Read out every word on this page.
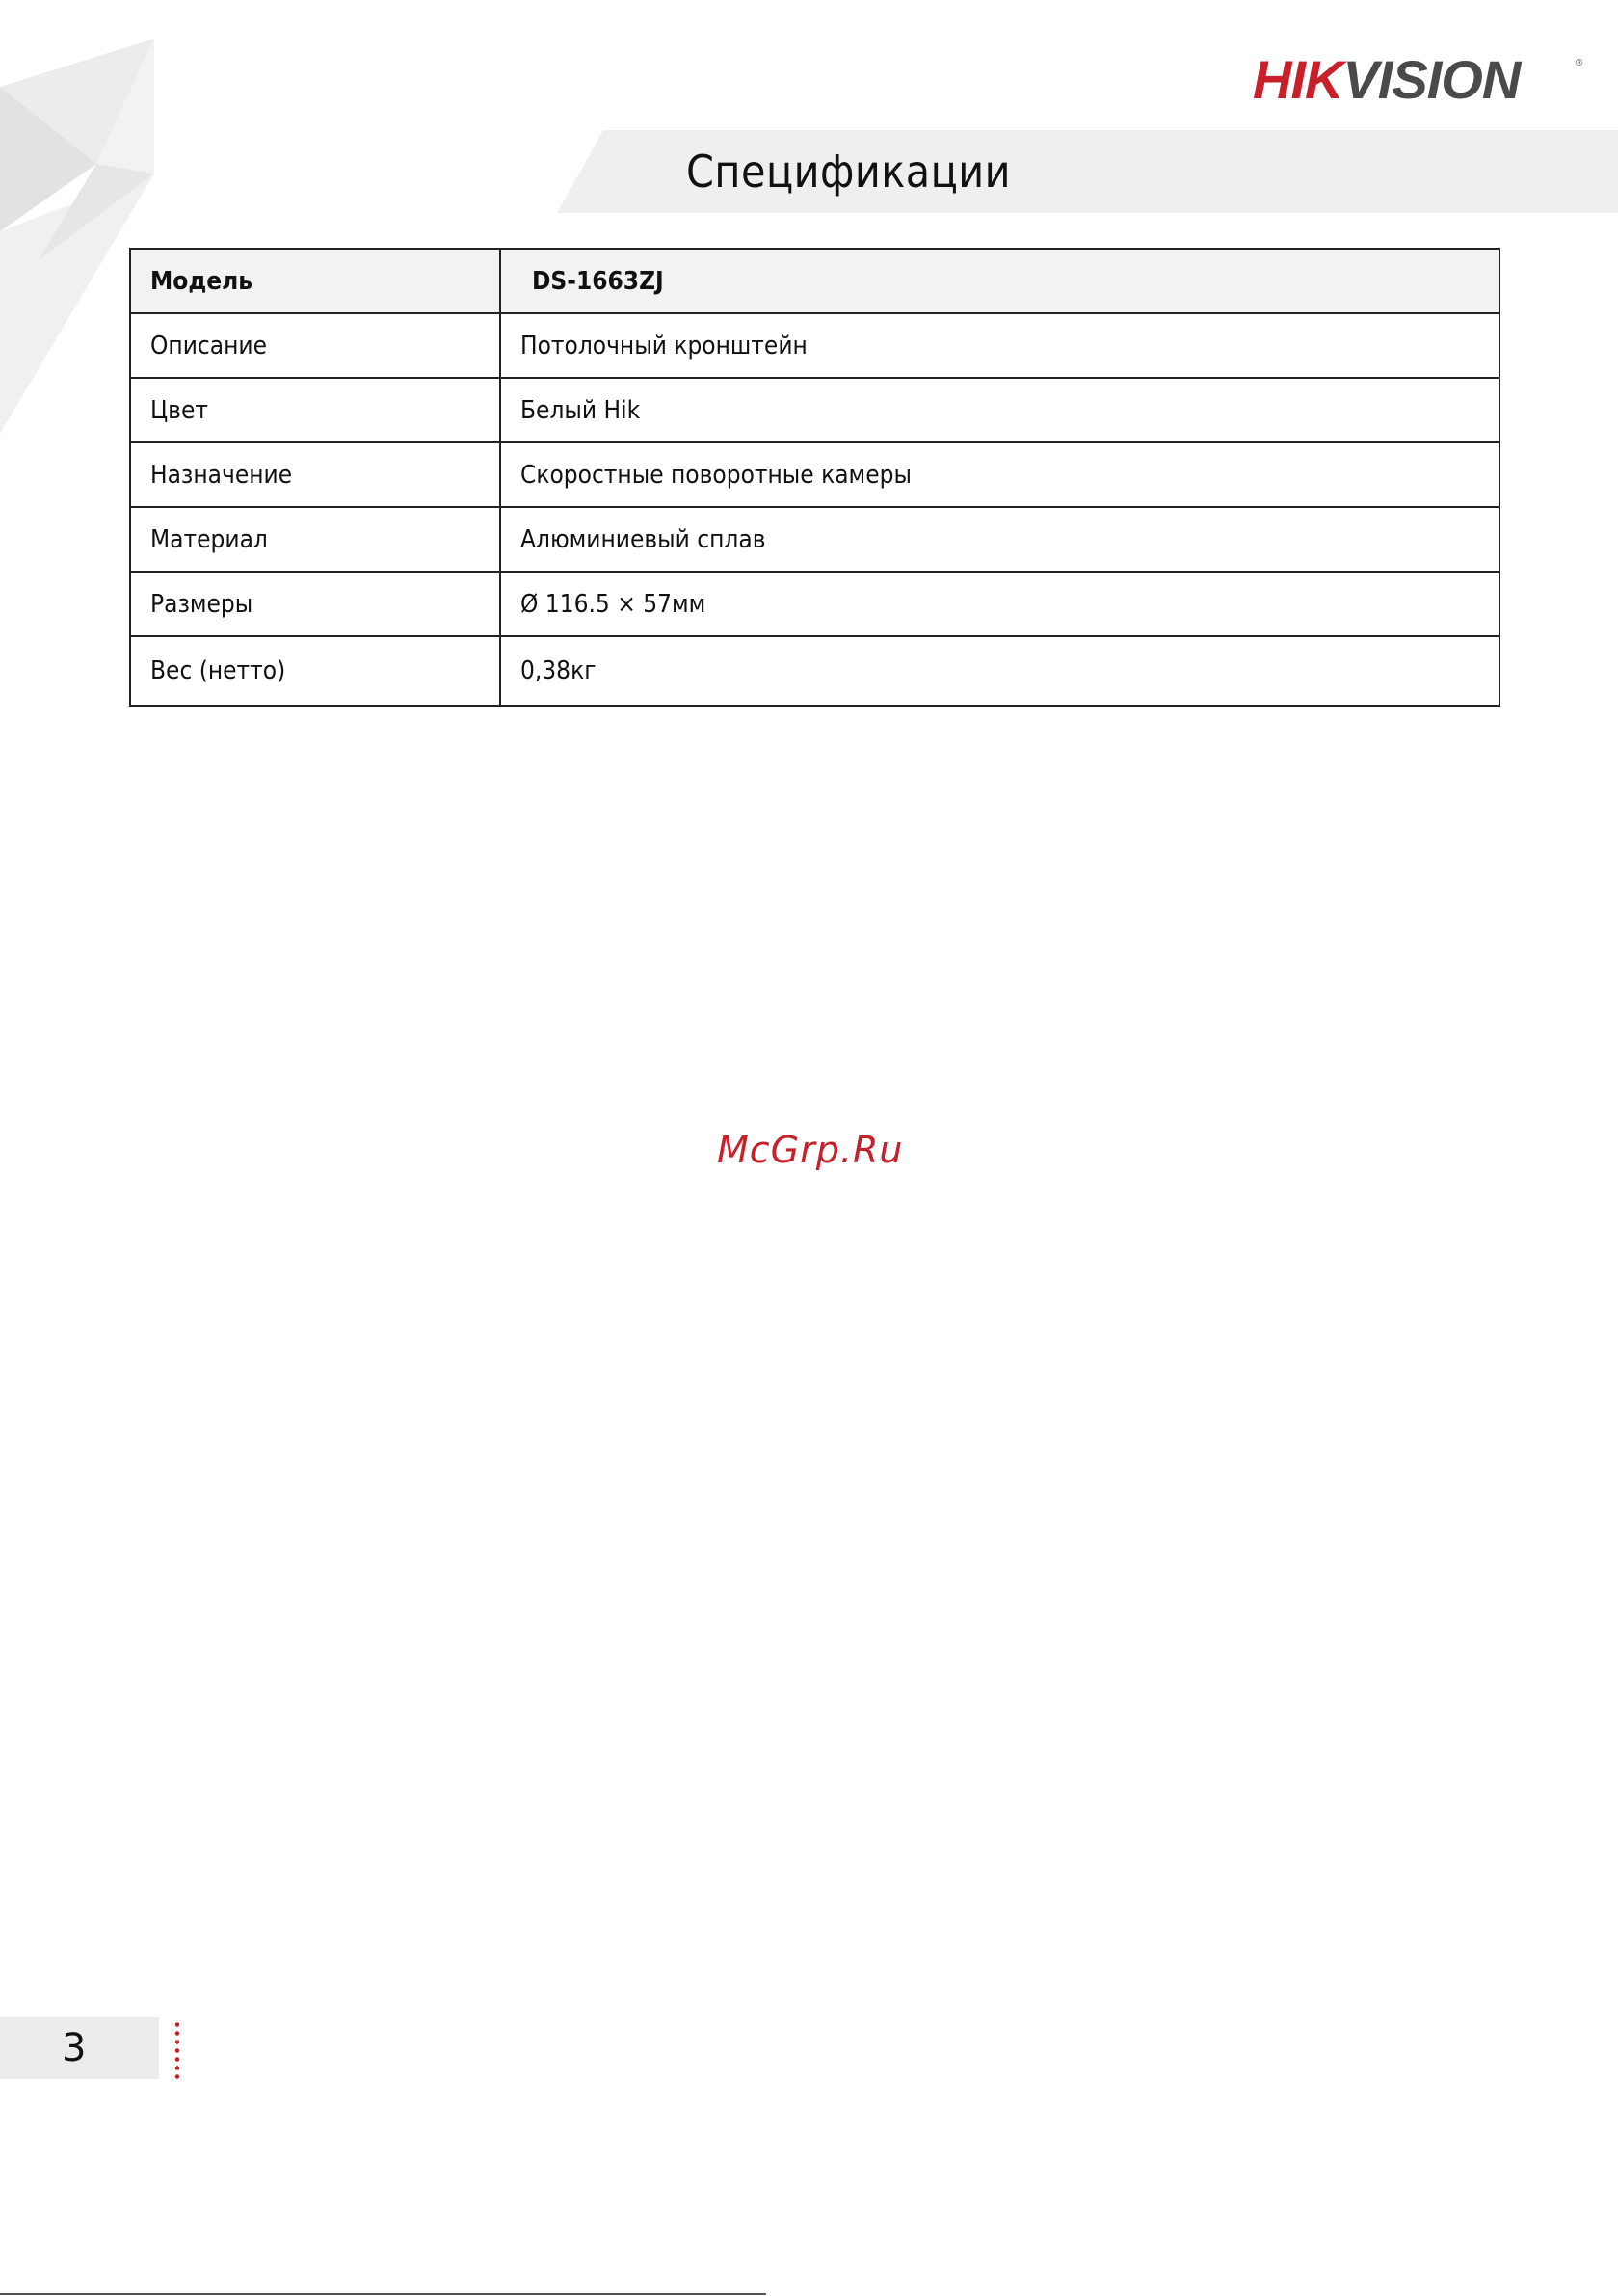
HIKVISION	®
Спецификации
Модель	DS-1663ZJ
Описание	Потолочный кронштейн
Цвет	Белый Hik
Назначение	Скоростные поворотные камеры
Материал	Алюминиевый сплав
Размеры	Ø 116.5 × 57мм
Вес (нетто)	0,38кг
McGrp.Ru
3
